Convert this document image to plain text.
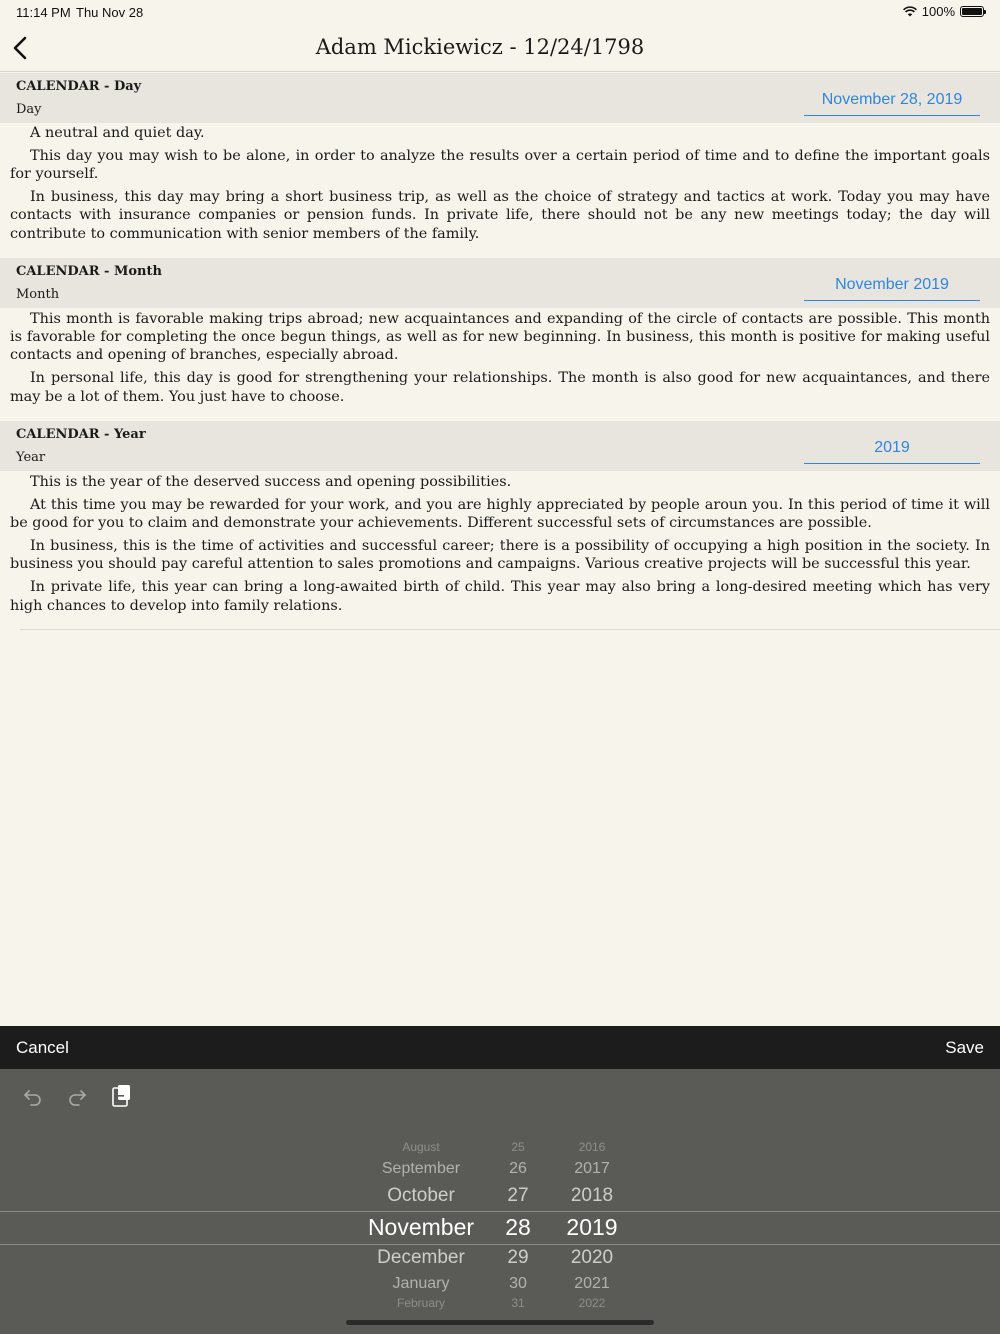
11:14 PM Thu Nov 28	100%
Adam Mickiewicz - 12/24/1798
CALENDAR - Day
Day
November 28, 2019

A neutral and quiet day.

This day you may wish to be alone, in order to analyze the results over a certain period of time and to define the important goals for yourself.

In business, this day may bring a short business trip, as well as the choice of strategy and tactics at work. Today you may have contacts with insurance companies or pension funds. In private life, there should not be any new meetings today; the day will contribute to communication with senior members of the family.

CALENDAR - Month
Month
November 2019

This month is favorable making trips abroad; new acquaintances and expanding of the circle of contacts are possible. This month is favorable for completing the once begun things, as well as for new beginning. In business, this month is positive for making useful contacts and opening of branches, especially abroad.

In personal life, this day is good for strengthening your relationships. The month is also good for new acquaintances, and there may be a lot of them. You just have to choose.

CALENDAR - Year
Year
2019

This is the year of the deserved success and opening possibilities.

At this time you may be rewarded for your work, and you are highly appreciated by people aroun you. In this period of time it will be good for you to claim and demonstrate your achievements. Different successful sets of circumstances are possible.

In business, this is the time of activities and successful career; there is a possibility of occupying a high position in the society. In business you should pay careful attention to sales promotions and campaigns. Various creative projects will be successful this year.

In private life, this year can bring a long-awaited birth of child. This year may also bring a long-desired meeting which has very high chances to develop into family relations.

Cancel	Save
August
September
October
November
December
January
February
25
26
27
28
29
30
31
2016
2017
2018
2019
2020
2021
2022
